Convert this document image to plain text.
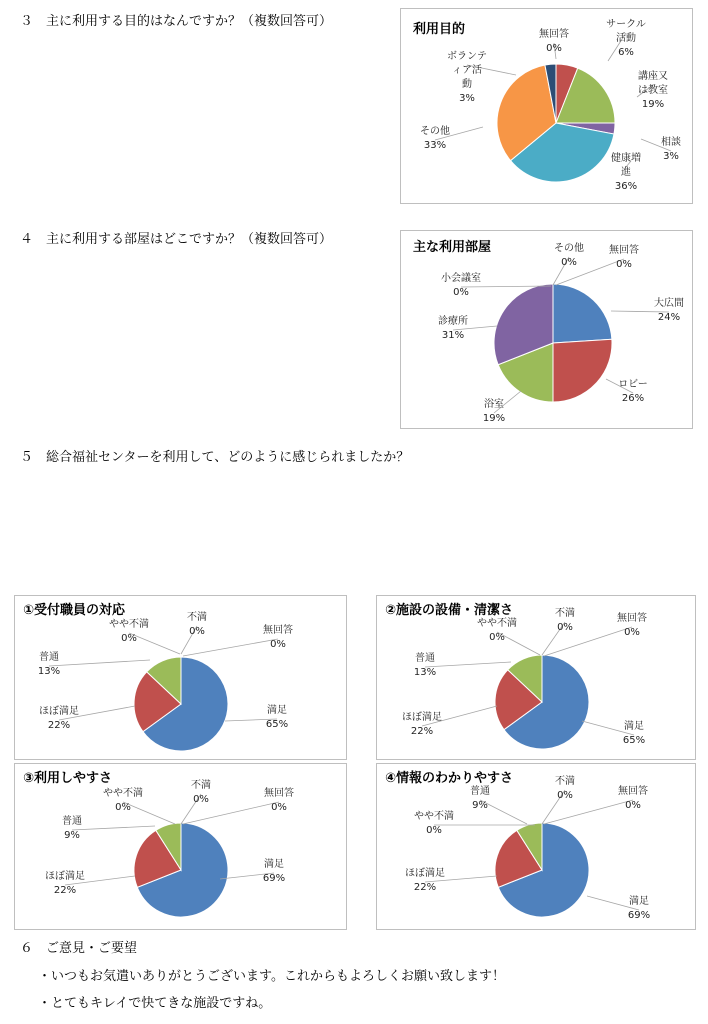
３　主に利用する目的はなんですか？（複数回答可）
４　主に利用する部屋はどこですか？（複数回答可）
５　総合福祉センターを利用して、どのように感じられましたか？
利用目的	無回答
0%
サークル
活動
6%
講座又
は教室
19%
相談
3%
健康増
進
36%
その他
33%
ボランテ
ィア活
動
3%
主な利用部屋
大広間
24%
ロビー
26%
浴室
19%
診療所
31%
小会議室
0%
その他
0%
無回答
0%
①受付職員の対応
満足
65%
ほぼ満足
22%
普通
13%
やや不満
0%
不満
0%	無回答
0%
②施設の設備・清潔さ
満足
65%
ほぼ満足
22%
普通
13%
やや不満
0%
不満
0%
無回答
0%
③利用しやすさ
満足
69%
ほぼ満足
22%
普通
9%
やや不満
0%
不満
0%
無回答
0%
④情報のわかりやすさ
満足
69%
ほぼ満足
22%
普通
9%
やや不満
0%
不満
0%	無回答
0%
６　ご意見・ご要望
・いつもお気遣いありがとうございます。これからもよろしくお願い致します！
・とてもキレイで快てきな施設ですね。
